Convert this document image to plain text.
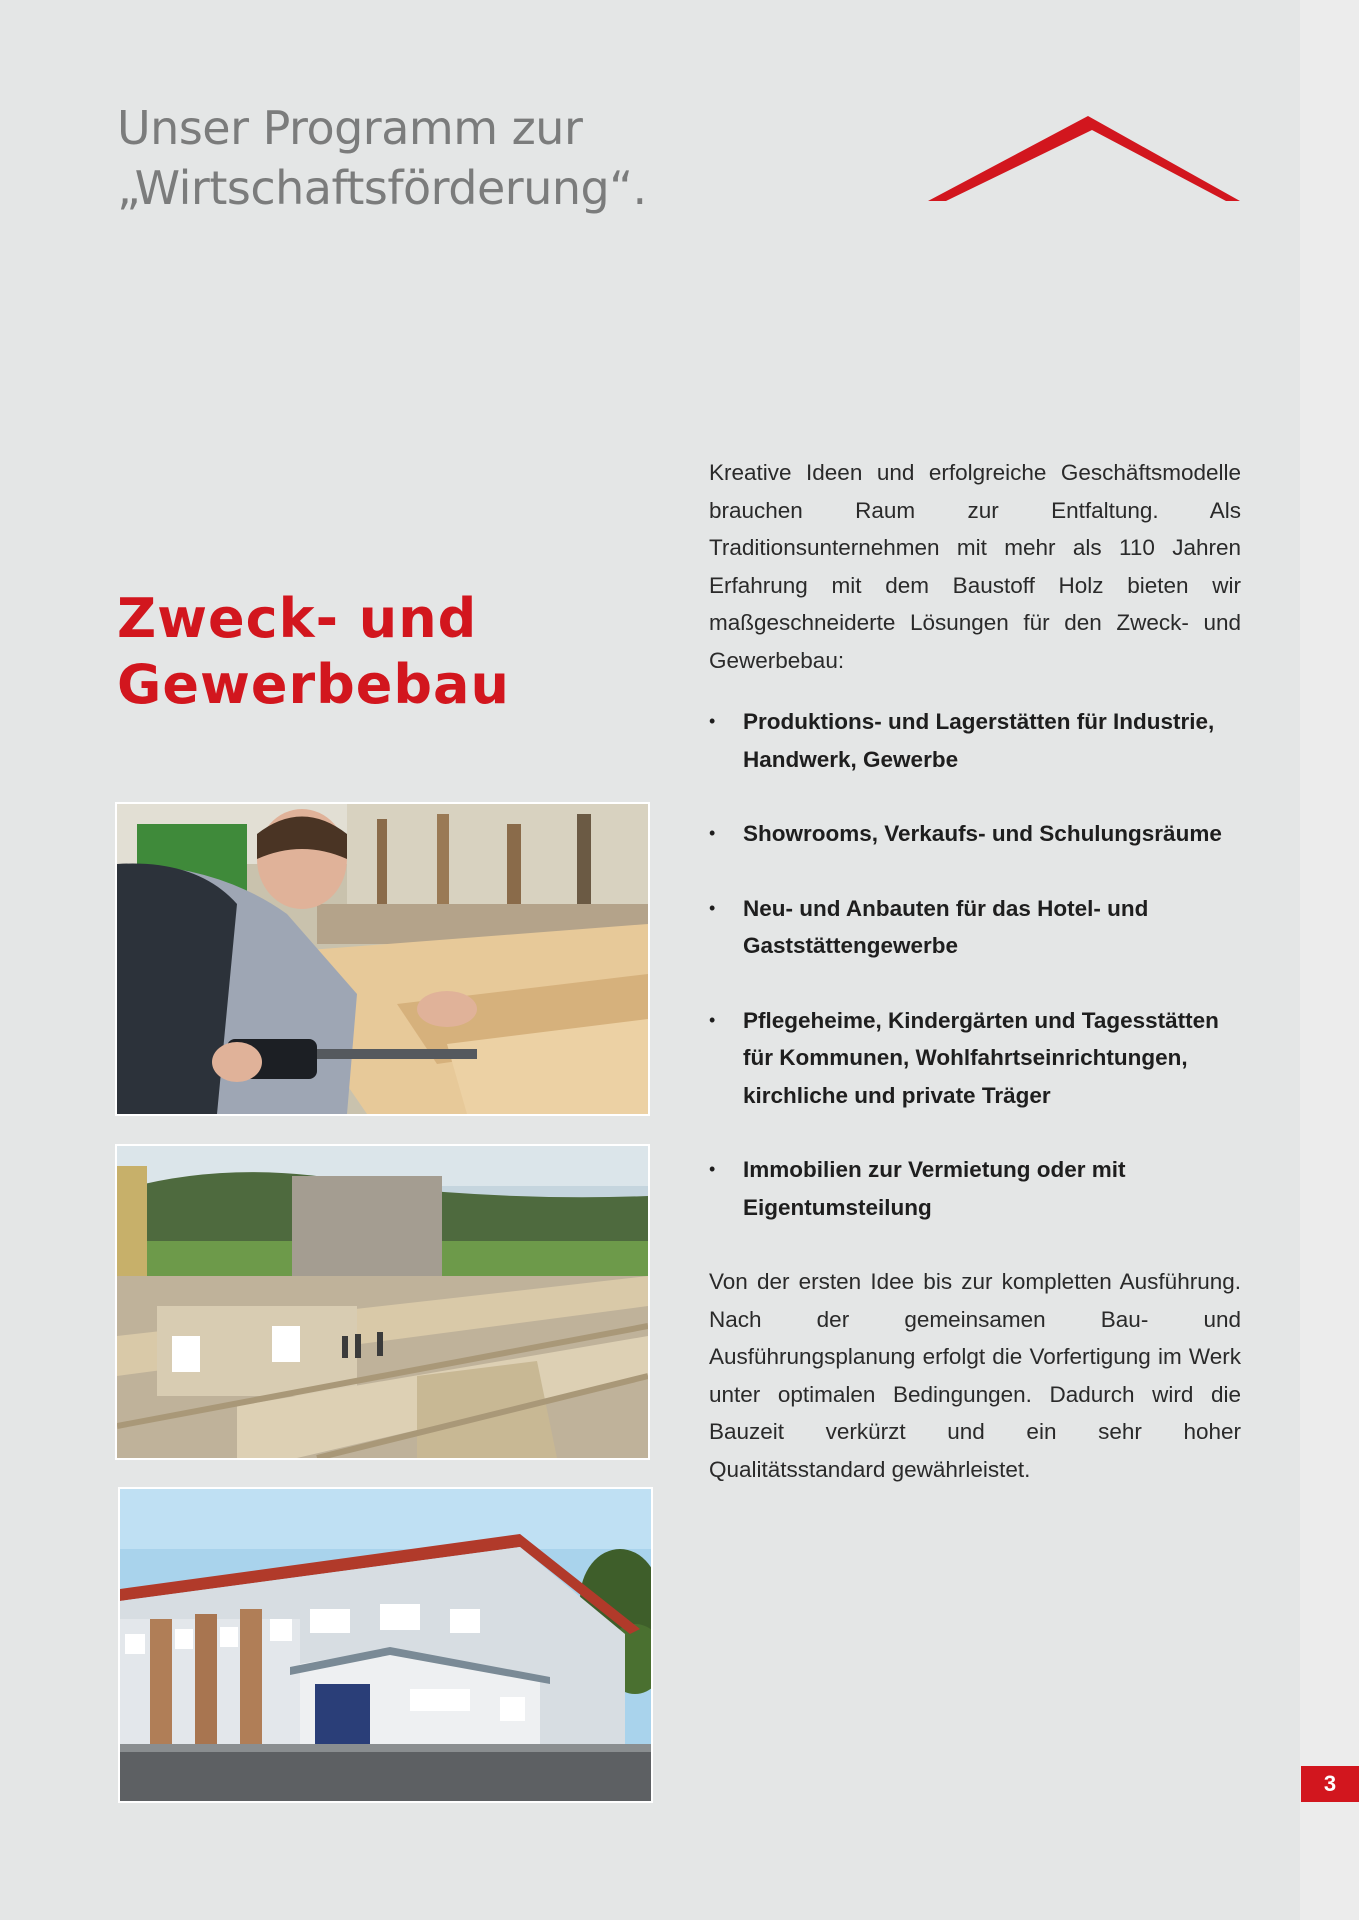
Unser Programm zur
„Wirtschaftsförderung“.
Zweck- und
Gewerbebau

Kreative Ideen und erfolgreiche Geschäftsmodelle brauchen Raum zur Entfaltung. Als Traditionsunternehmen mit mehr als 110 Jahren Erfahrung mit dem Baustoff Holz bieten wir maßgeschneiderte Lösungen für den Zweck- und Gewerbebau:

• Produktions- und Lagerstätten für Industrie, Handwerk, Gewerbe
• Showrooms, Verkaufs- und Schulungsräume
• Neu- und Anbauten für das Hotel- und Gaststättengewerbe
• Pflegeheime, Kindergärten und Tagesstätten für Kommunen, Wohlfahrtseinrichtungen, kirchliche und private Träger
• Immobilien zur Vermietung oder mit Eigentumsteilung

Von der ersten Idee bis zur kompletten Ausführung. Nach der gemeinsamen Bau- und Ausführungsplanung erfolgt die Vorfertigung im Werk unter optimalen Bedingungen. Dadurch wird die Bauzeit verkürzt und ein sehr hoher Qualitätsstandard gewährleistet.

3
